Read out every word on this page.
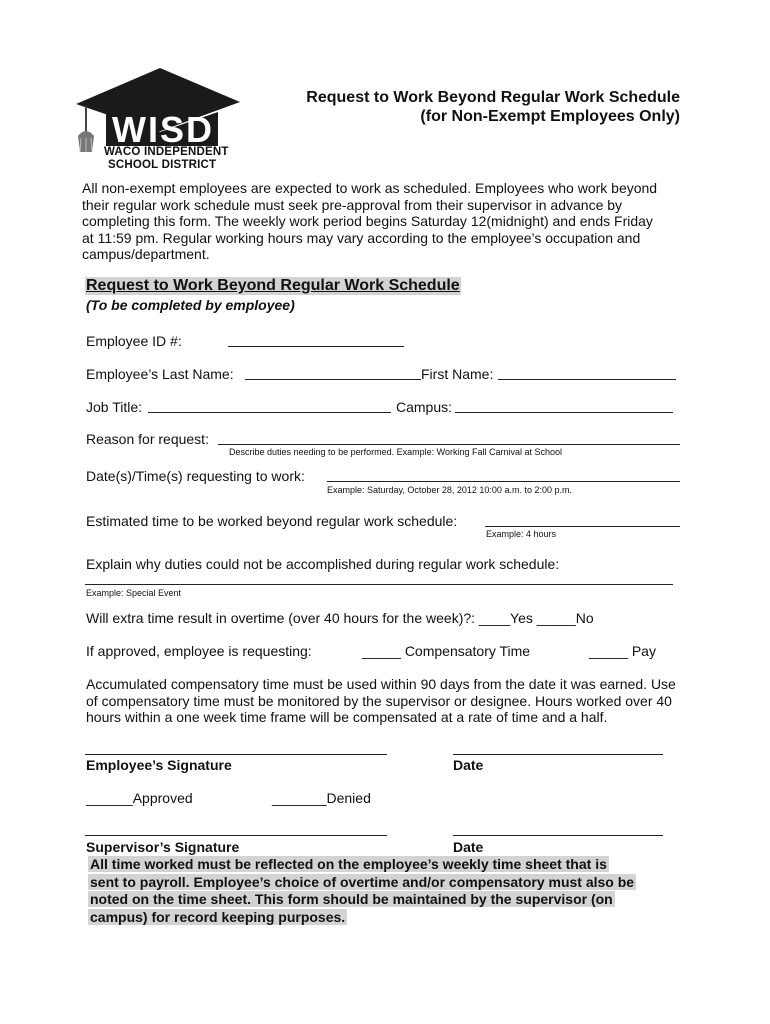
WISD
WACO INDEPENDENT
SCHOOL DISTRICT
Request to Work Beyond Regular Work Schedule
(for Non-Exempt Employees Only)
All non-exempt employees are expected to work as scheduled. Employees who work beyond their regular work schedule must seek pre-approval from their supervisor in advance by completing this form. The weekly work period begins Saturday 12(midnight) and ends Friday at 11:59 pm. Regular working hours may vary according to the employee’s occupation and campus/department.
Request to Work Beyond Regular Work Schedule
(To be completed by employee)
Employee ID #:
Employee’s Last Name:	First Name:
Job Title:	Campus:
Reason for request:
Describe duties needing to be performed. Example: Working Fall Carnival at School
Date(s)/Time(s) requesting to work:
Example: Saturday, October 28, 2012 10:00 a.m. to 2:00 p.m.
Estimated time to be worked beyond regular work schedule:
Example: 4 hours
Explain why duties could not be accomplished during regular work schedule:
Example: Special Event
Will extra time result in overtime (over 40 hours for the week)?: ____Yes _____No
If approved, employee is requesting:	_____ Compensatory Time	_____ Pay
Accumulated compensatory time must be used within 90 days from the date it was earned. Use of compensatory time must be monitored by the supervisor or designee. Hours worked over 40 hours within a one week time frame will be compensated at a rate of time and a half.
Employee’s Signature	Date
______Approved	_______Denied
Supervisor’s Signature	Date
All time worked must be reflected on the employee’s weekly time sheet that is
sent to payroll. Employee’s choice of overtime and/or compensatory must also be
noted on the time sheet. This form should be maintained by the supervisor (on
campus) for record keeping purposes.
